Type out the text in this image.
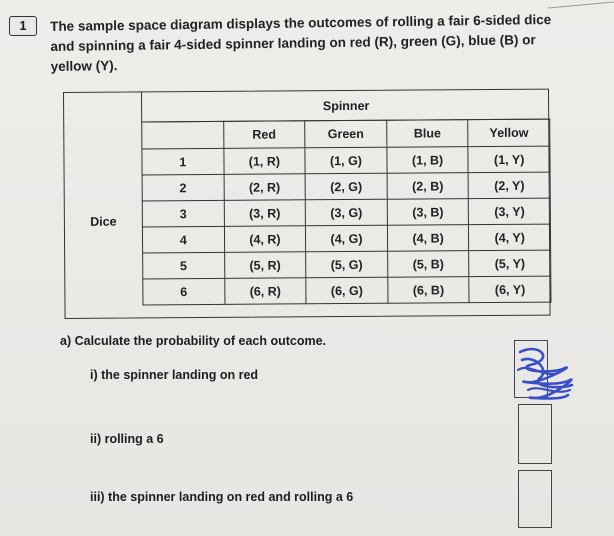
1	The sample space diagram displays the outcomes of rolling a fair 6-sided dice and spinning a fair 4-sided spinner landing on red (R), green (G), blue (B) or yellow (Y).
Spinner
Dice
	Red	Green	Blue	Yellow
1	(1, R)	(1, G)	(1, B)	(1, Y)
2	(2, R)	(2, G)	(2, B)	(2, Y)
3	(3, R)	(3, G)	(3, B)	(3, Y)
4	(4, R)	(4, G)	(4, B)	(4, Y)
5	(5, R)	(5, G)	(5, B)	(5, Y)
6	(6, R)	(6, G)	(6, B)	(6, Y)
a) Calculate the probability of each outcome.
i) the spinner landing on red
ii) rolling a 6
iii) the spinner landing on red and rolling a 6
